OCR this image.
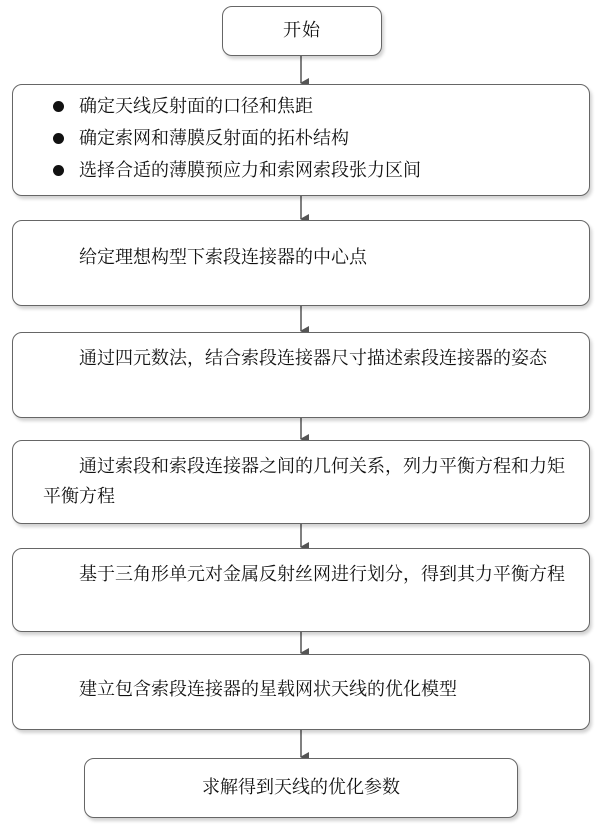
开始
确定天线反射面的口径和焦距
确定索网和薄膜反射面的拓朴结构
选择合适的薄膜预应力和索网索段张力区间
给定理想构型下索段连接器的中心点

通过四元数法，结合索段连接器尺寸描述索段连接器的姿态

通过索段和索段连接器之间的几何关系，列力平衡方程和力矩平衡方程

基于三角形单元对金属反射丝网进行划分，得到其力平衡方程

建立包含索段连接器的星载网状天线的优化模型
求解得到天线的优化参数
